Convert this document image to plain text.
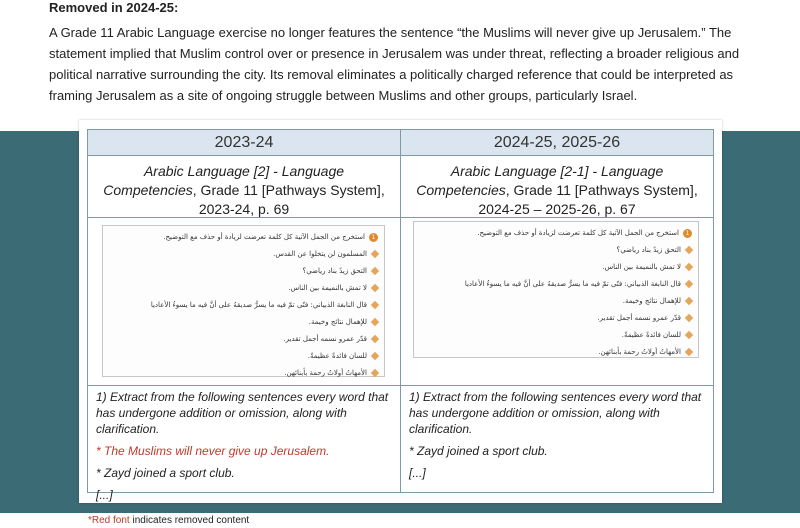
Removed in 2024-25:

A Grade 11 Arabic Language exercise no longer features the sentence “the Muslims will never give up Jerusalem.” The statement implied that Muslim control over or presence in Jerusalem was under threat, reflecting a broader religious and political narrative surrounding the city. Its removal eliminates a politically charged reference that could be interpreted as framing Jerusalem as a site of ongoing struggle between Muslims and other groups, particularly Israel.

2023-24
Arabic Language [2] - Language Competencies, Grade 11 [Pathways System], 2023-24, p. 69
1استخرج من الجمل الآتية كل كلمة تعرضت لزيادة أو حذف مع التوضيح.
المسلمون لن يتخلوا عن القدس.
التحق زيدٌ بناد رياضي؟
لا تمش بالنميمة بين الناس.
قال النابغة الذبياني: فتًى تمّ فيه ما يسرُّ صديقهُ على أنَّ فيه ما يسوءُ الأعاديا
للإهمال نتائج وخيمة.
قدّر عمرو نسمه أجمل تقدير.
للسان فائدةٌ عظيمةٌ.
الأمهاتُ أولاتُ رحمة بأبنائهن.

1) Extract from the following sentences every word that has undergone addition or omission, along with clarification.

* The Muslims will never give up Jerusalem.

* Zayd joined a sport club.

[...]

2024-25, 2025-26
Arabic Language [2-1] - Language Competencies, Grade 11 [Pathways System], 2024-25 – 2025-26, p. 67
1استخرج من الجمل الآتية كل كلمة تعرضت لزيادة أو حذف مع التوضيح.
التحق زيدٌ بناد رياضي؟
لا تمش بالنميمة بين الناس.
قال النابغة الذبياني: فتًى تمّ فيه ما يسرُّ صديقهُ على أنَّ فيه ما يسوءُ الأعاديا
للإهمال نتائج وخيمة.
قدّر عمرو نسمه أجمل تقدير.
للسان فائدةٌ عظيمةٌ.
الأمهاتُ أولاتُ رحمة بأبنائهن.

1) Extract from the following sentences every word that has undergone addition or omission, along with clarification.

* Zayd joined a sport club.

[...]

*Red font indicates removed content
